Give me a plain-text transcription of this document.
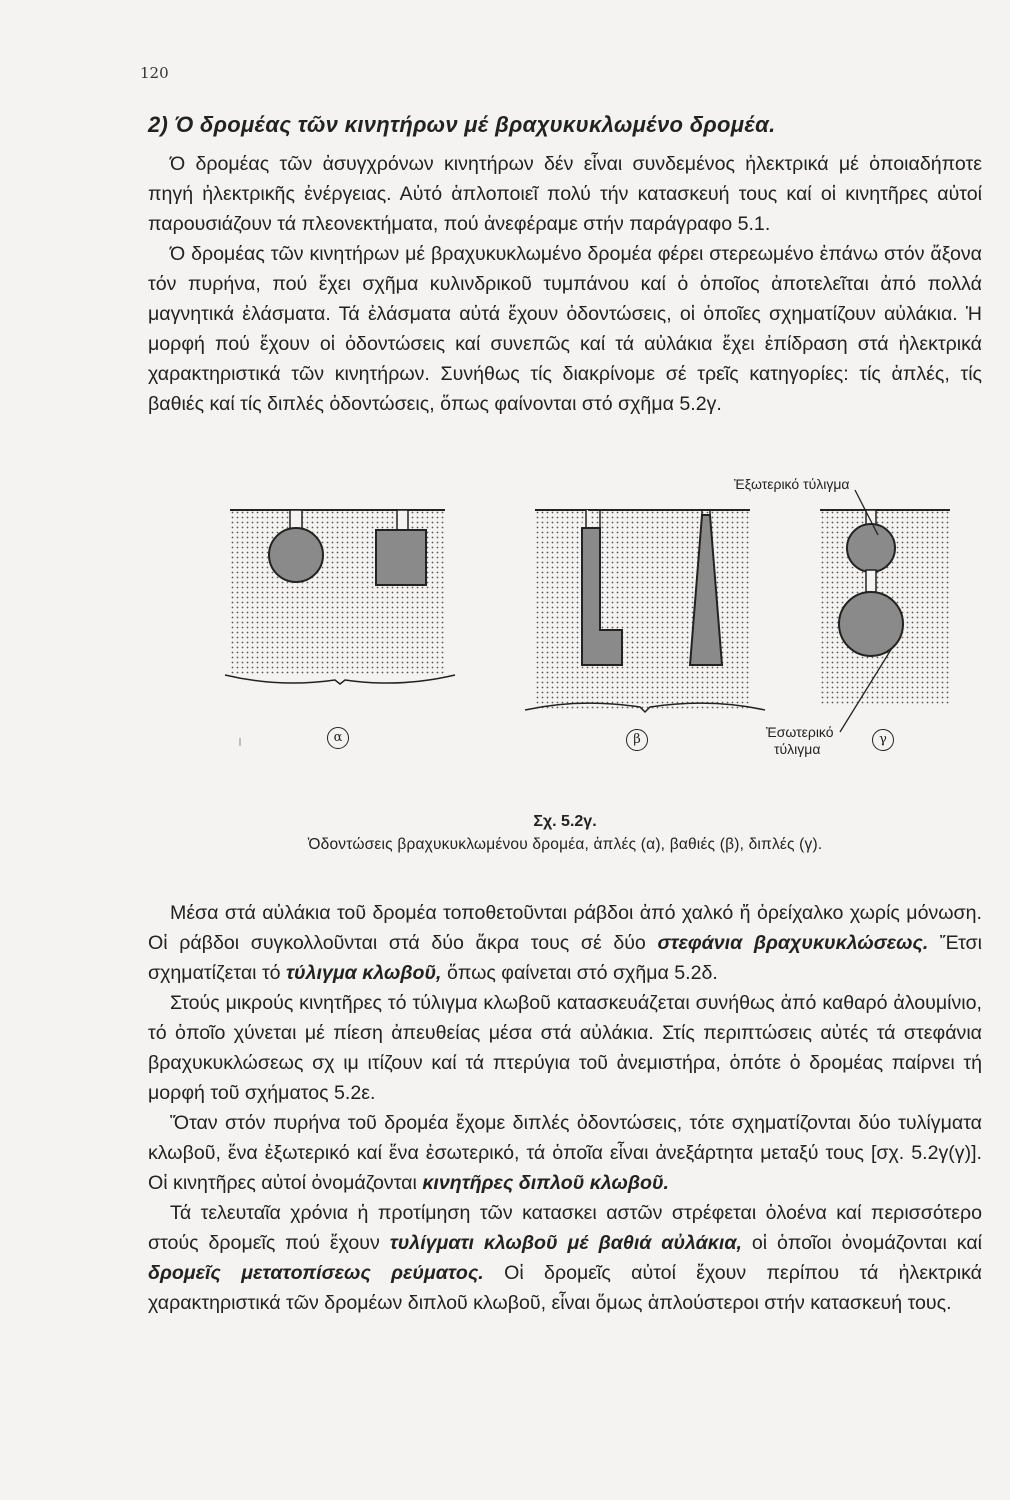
120
2) Ό δρομέας τῶν κινητήρων μέ βραχυκυκλωμένο δρομέα.

Ό δρομέας τῶν ἀσυγχρόνων κινητήρων δέν εἶναι συνδεμένος ἠλεκτρικά μέ ὁποιαδήποτε πηγή ἠλεκτρικῆς ἐνέργειας. Αὐτό ἁπλοποιεῖ πολύ τήν κατασκευή τους καί οἱ κινητῆρες αὐτοί παρουσιάζουν τά πλεονεκτήματα, πού ἀνεφέραμε στήν παράγραφο 5.1.

Ό δρομέας τῶν κινητήρων μέ βραχυκυκλωμένο δρομέα φέρει στερεωμένο ἐπάνω στόν ἄξονα τόν πυρήνα, πού ἔχει σχῆμα κυλινδρικοῦ τυμπάνου καί ὁ ὁποῖος ἀποτελεῖται ἀπό πολλά μαγνητικά ἐλάσματα. Τά ἐλάσματα αὐτά ἔχουν ὀδοντώσεις, οἱ ὁποῖες σχηματίζουν αὐλάκια. Ἡ μορφή πού ἔχουν οἱ ὀδοντώσεις καί συνεπῶς καί τά αὐλάκια ἔχει ἐπίδραση στά ἠλεκτρικά χαρακτηριστικά τῶν κινητήρων. Συνήθως τίς διακρίνομε σέ τρεῖς κατηγορίες: τίς ἁπλές, τίς βαθιές καί τίς διπλές ὀδοντώσεις, ὅπως φαίνονται στό σχῆμα 5.2γ.

Ἐξωτερικό τύλιγμα
Ἐσωτερικό
τύλιγμα
α	β	γ
Σχ. 5.2γ.
Ὀδοντώσεις βραχυκυκλωμένου δρομέα, ἁπλές (α), βαθιές (β), διπλές (γ).

Μέσα στά αὐλάκια τοῦ δρομέα τοποθετοῦνται ράβδοι ἀπό χαλκό ἤ ὀρείχαλκο χωρίς μόνωση. Οἱ ράβδοι συγκολλοῦνται στά δύο ἄκρα τους σέ δύο στεφάνια βραχυκυκλώσεως. Ἔτσι σχηματίζεται τό τύλιγμα κλωβοῦ, ὅπως φαίνεται στό σχῆμα 5.2δ.

Στούς μικρούς κινητῆρες τό τύλιγμα κλωβοῦ κατασκευάζεται συνήθως ἀπό καθαρό ἀλουμίνιο, τό ὁποῖο χύνεται μέ πίεση ἀπευθείας μέσα στά αὐλάκια. Στίς περιπτώσεις αὐτές τά στεφάνια βραχυκυκλώσεως σχ ιμ ιτίζουν καί τά πτερύγια τοῦ ἀνεμιστήρα, ὁπότε ὁ δρομέας παίρνει τή μορφή τοῦ σχήματος 5.2ε.

Ὅταν στόν πυρήνα τοῦ δρομέα ἔχομε διπλές ὀδοντώσεις, τότε σχηματίζονται δύο τυλίγματα κλωβοῦ, ἕνα ἐξωτερικό καί ἕνα ἐσωτερικό, τά ὁποῖα εἶναι ἀνεξάρτητα μεταξύ τους [σχ. 5.2γ(γ)]. Οἱ κινητῆρες αὐτοί ὀνομάζονται κινητῆρες διπλοῦ κλωβοῦ.

Τά τελευταῖα χρόνια ἡ προτίμηση τῶν κατασκει αστῶν στρέφεται ὁλοένα καί περισσότερο στούς δρομεῖς πού ἔχουν τυλίγματι κλωβοῦ μέ βαθιά αὐλάκια, οἱ ὁποῖοι ὀνομάζονται καί δρομεῖς μετατοπίσεως ρεύματος. Οἱ δρομεῖς αὐτοί ἔχουν περίπου τά ἠλεκτρικά χαρακτηριστικά τῶν δρομέων διπλοῦ κλωβοῦ, εἶναι ὅμως ἁπλούστεροι στήν κατασκευή τους.
